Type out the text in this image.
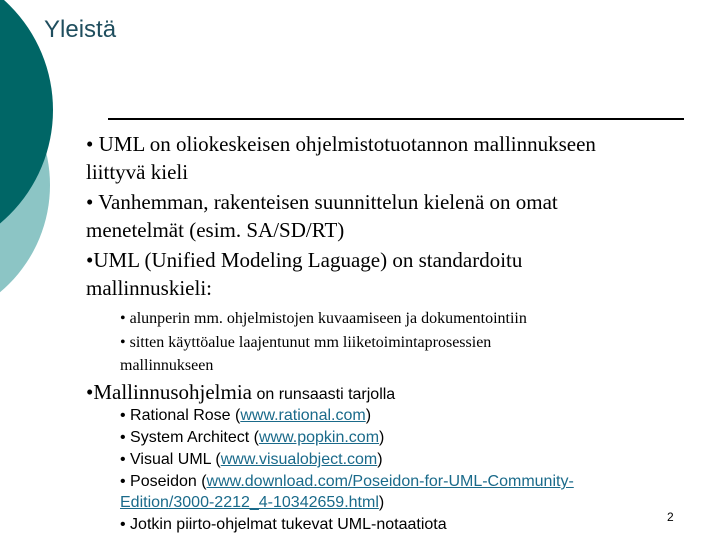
Yleistä
• UML on oliokeskeisen ohjelmistotuotannon mallinnukseen
liittyvä kieli
• Vanhemman, rakenteisen suunnittelun kielenä on omat
menetelmät (esim. SA/SD/RT)
•UML (Unified Modeling Laguage) on standardoitu
mallinnuskieli:
• alunperin mm. ohjelmistojen kuvaamiseen ja dokumentointiin
• sitten käyttöalue laajentunut mm liiketoimintaprosessien
mallinnukseen
•Mallinnusohjelmia on runsaasti tarjolla
• Rational Rose (www.rational.com)
• System Architect (www.popkin.com)
• Visual UML (www.visualobject.com)
• Poseidon (www.download.com/Poseidon-for-UML-Community-
Edition/3000-2212_4-10342659.html)
• Jotkin piirto-ohjelmat tukevat UML-notaatiota	2
